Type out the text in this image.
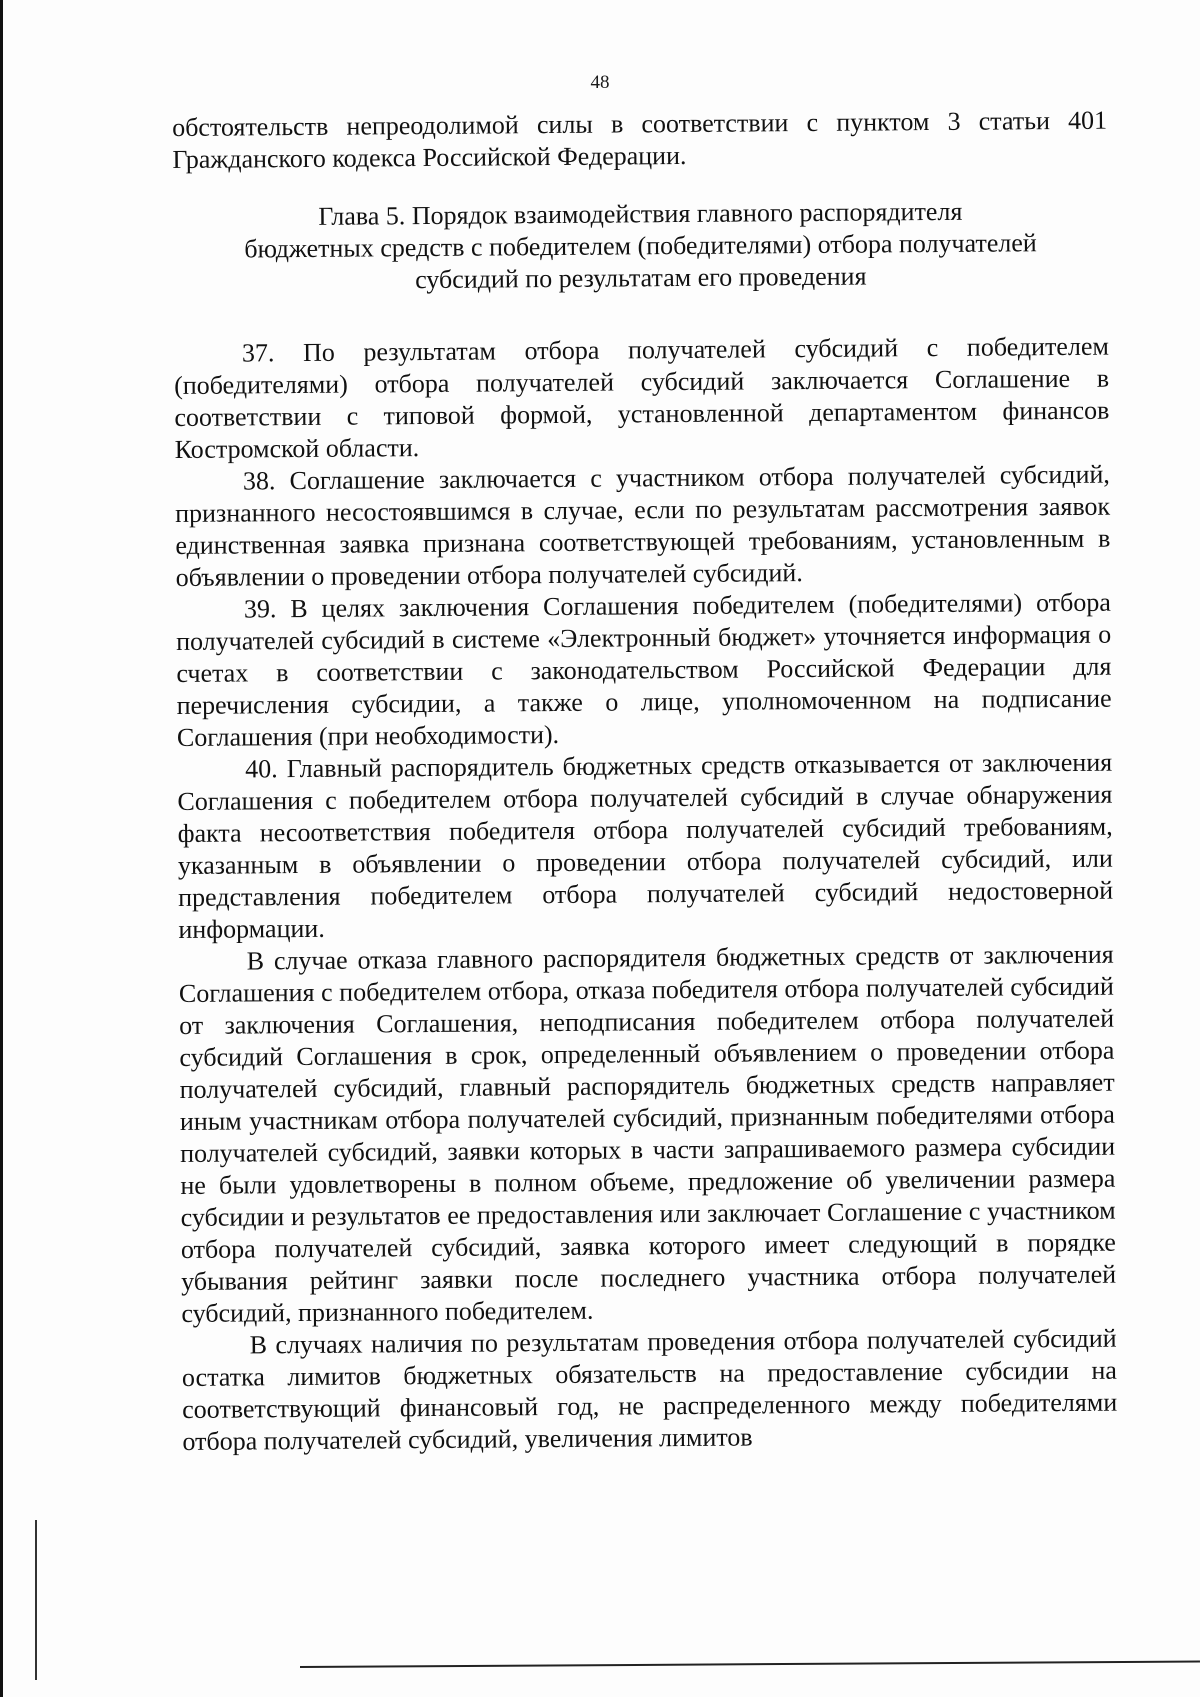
48

обстоятельств непреодолимой силы в соответствии с пунктом 3 статьи 401 Гражданского кодекса Российской Федерации.

Глава 5. Порядок взаимодействия главного распорядителя
бюджетных средств с победителем (победителями) отбора получателей
субсидий по результатам его проведения

37. По результатам отбора получателей субсидий с победителем (победителями) отбора получателей субсидий заключается Соглашение в соответствии с типовой формой, установленной департаментом финансов Костромской области.

38. Соглашение заключается с участником отбора получателей субсидий, признанного несостоявшимся в случае, если по результатам рассмотрения заявок единственная заявка признана соответствующей требованиям, установленным в объявлении о проведении отбора получателей субсидий.

39. В целях заключения Соглашения победителем (победителями) отбора получателей субсидий в системе «Электронный бюджет» уточняется информация о счетах в соответствии с законодательством Российской Федерации для перечисления субсидии, а также о лице, уполномоченном на подписание Соглашения (при необходимости).

40. Главный распорядитель бюджетных средств отказывается от заключения Соглашения с победителем отбора получателей субсидий в случае обнаружения факта несоответствия победителя отбора получателей субсидий требованиям, указанным в объявлении о проведении отбора получателей субсидий, или представления победителем отбора получателей субсидий недостоверной информации.

В случае отказа главного распорядителя бюджетных средств от заключения Соглашения с победителем отбора, отказа победителя отбора получателей субсидий от заключения Соглашения, неподписания победителем отбора получателей субсидий Соглашения в срок, определенный объявлением о проведении отбора получателей субсидий, главный распорядитель бюджетных средств направляет иным участникам отбора получателей субсидий, признанным победителями отбора получателей субсидий, заявки которых в части запрашиваемого размера субсидии не были удовлетворены в полном объеме, предложение об увеличении размера субсидии и результатов ее предоставления или заключает Соглашение с участником отбора получателей субсидий, заявка которого имеет следующий в порядке убывания рейтинг заявки после последнего участника отбора получателей субсидий, признанного победителем.

В случаях наличия по результатам проведения отбора получателей субсидий остатка лимитов бюджетных обязательств на предоставление субсидии на соответствующий финансовый год, не распределенного между победителями отбора получателей субсидий, увеличения лимитов
